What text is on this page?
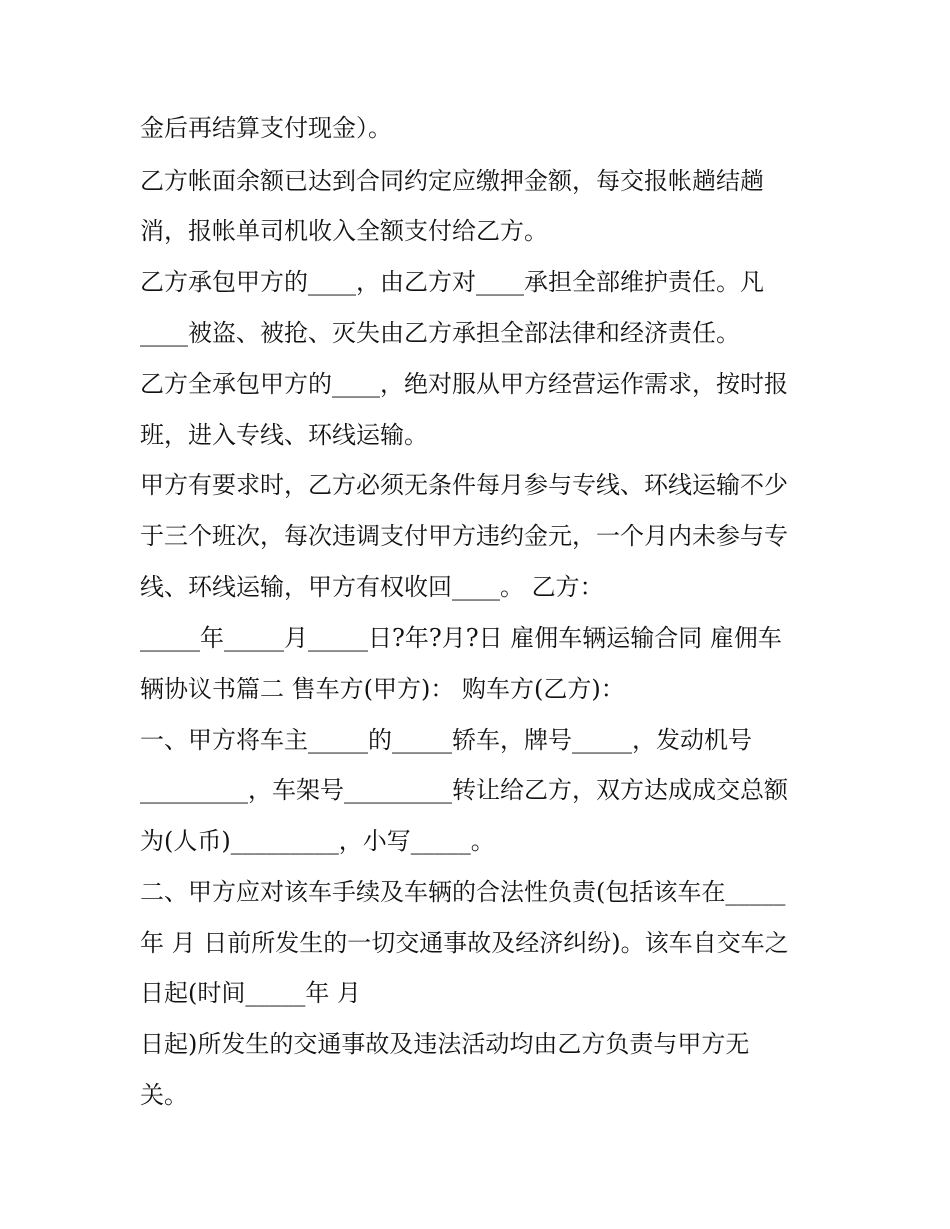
金后再结算支付现金）。

乙方帐面余额已达到合同约定应缴押金额，每交报帐趟结趟

消，报帐单司机收入全额支付给乙方。

乙方承包甲方的____，由乙方对____承担全部维护责任。凡

____被盗、被抢、灭失由乙方承担全部法律和经济责任。

乙方全承包甲方的____，绝对服从甲方经营运作需求，按时报

班，进入专线、环线运输。

甲方有要求时，乙方必须无条件每月参与专线、环线运输不少

于三个班次，每次违调支付甲方违约金元，一个月内未参与专

线、环线运输，甲方有权收回____。 乙方：

_____年_____月_____日?年?月?日 雇佣车辆运输合同 雇佣车

辆协议书篇二 售车方(甲方)： 购车方(乙方)：

一、甲方将车主_____的_____轿车，牌号_____，发动机号

_________，车架号_________转让给乙方，双方达成成交总额

为(人币)_________，小写_____。

二、甲方应对该车手续及车辆的合法性负责(包括该车在_____

年 月 日前所发生的一切交通事故及经济纠纷)。该车自交车之

日起(时间_____年 月

日起)所发生的交通事故及违法活动均由乙方负责与甲方无

关。
